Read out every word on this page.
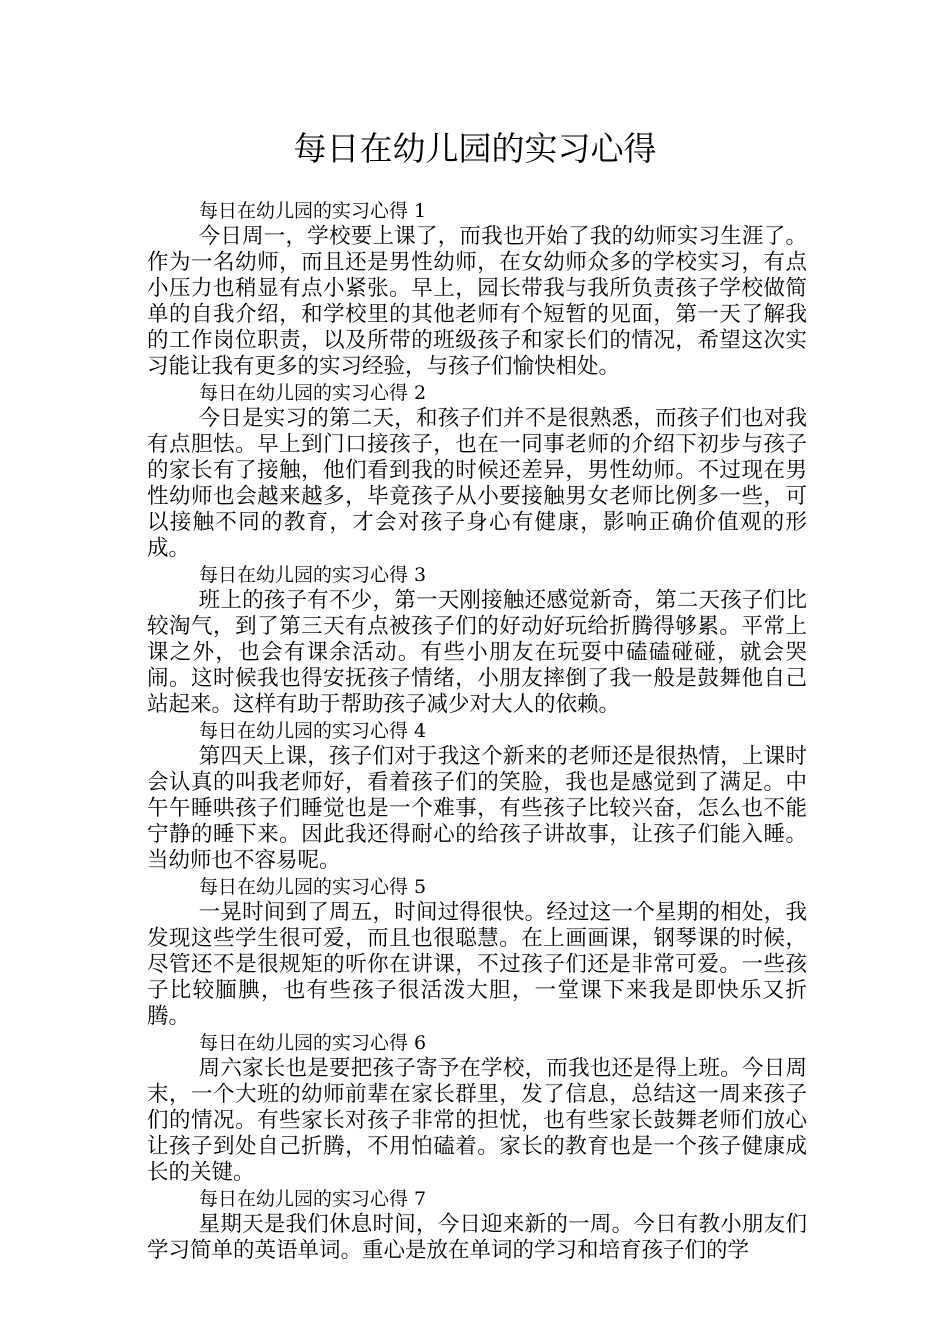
每日在幼儿园的实习心得
每日在幼儿园的实习心得 1

今日周一，学校要上课了，而我也开始了我的幼师实习生涯了。作为一名幼师，而且还是男性幼师，在女幼师众多的学校实习，有点小压力也稍显有点小紧张。早上，园长带我与我所负责孩子学校做简单的自我介绍，和学校里的其他老师有个短暂的见面，第一天了解我的工作岗位职责，以及所带的班级孩子和家长们的情况，希望这次实习能让我有更多的实习经验，与孩子们愉快相处。

每日在幼儿园的实习心得 2

今日是实习的第二天，和孩子们并不是很熟悉，而孩子们也对我有点胆怯。早上到门口接孩子，也在一同事老师的介绍下初步与孩子的家长有了接触，他们看到我的时候还差异，男性幼师。不过现在男性幼师也会越来越多，毕竟孩子从小要接触男女老师比例多一些，可以接触不同的教育，才会对孩子身心有健康，影响正确价值观的形成。

每日在幼儿园的实习心得 3

班上的孩子有不少，第一天刚接触还感觉新奇，第二天孩子们比较淘气，到了第三天有点被孩子们的好动好玩给折腾得够累。平常上课之外，也会有课余活动。有些小朋友在玩耍中磕磕碰碰，就会哭闹。这时候我也得安抚孩子情绪，小朋友摔倒了我一般是鼓舞他自己站起来。这样有助于帮助孩子减少对大人的依赖。

每日在幼儿园的实习心得 4

第四天上课，孩子们对于我这个新来的老师还是很热情，上课时会认真的叫我老师好，看着孩子们的笑脸，我也是感觉到了满足。中午午睡哄孩子们睡觉也是一个难事，有些孩子比较兴奋，怎么也不能宁静的睡下来。因此我还得耐心的给孩子讲故事，让孩子们能入睡。当幼师也不容易呢。

每日在幼儿园的实习心得 5

一晃时间到了周五，时间过得很快。经过这一个星期的相处，我发现这些学生很可爱，而且也很聪慧。在上画画课，钢琴课的时候，尽管还不是很规矩的听你在讲课，不过孩子们还是非常可爱。一些孩子比较腼腆，也有些孩子很活泼大胆，一堂课下来我是即快乐又折腾。

每日在幼儿园的实习心得 6

周六家长也是要把孩子寄予在学校，而我也还是得上班。今日周末，一个大班的幼师前辈在家长群里，发了信息，总结这一周来孩子们的情况。有些家长对孩子非常的担忧，也有些家长鼓舞老师们放心让孩子到处自己折腾，不用怕磕着。家长的教育也是一个孩子健康成长的关键。

每日在幼儿园的实习心得 7

星期天是我们休息时间，今日迎来新的一周。今日有教小朋友们学习简单的英语单词。重心是放在单词的学习和培育孩子们的学
